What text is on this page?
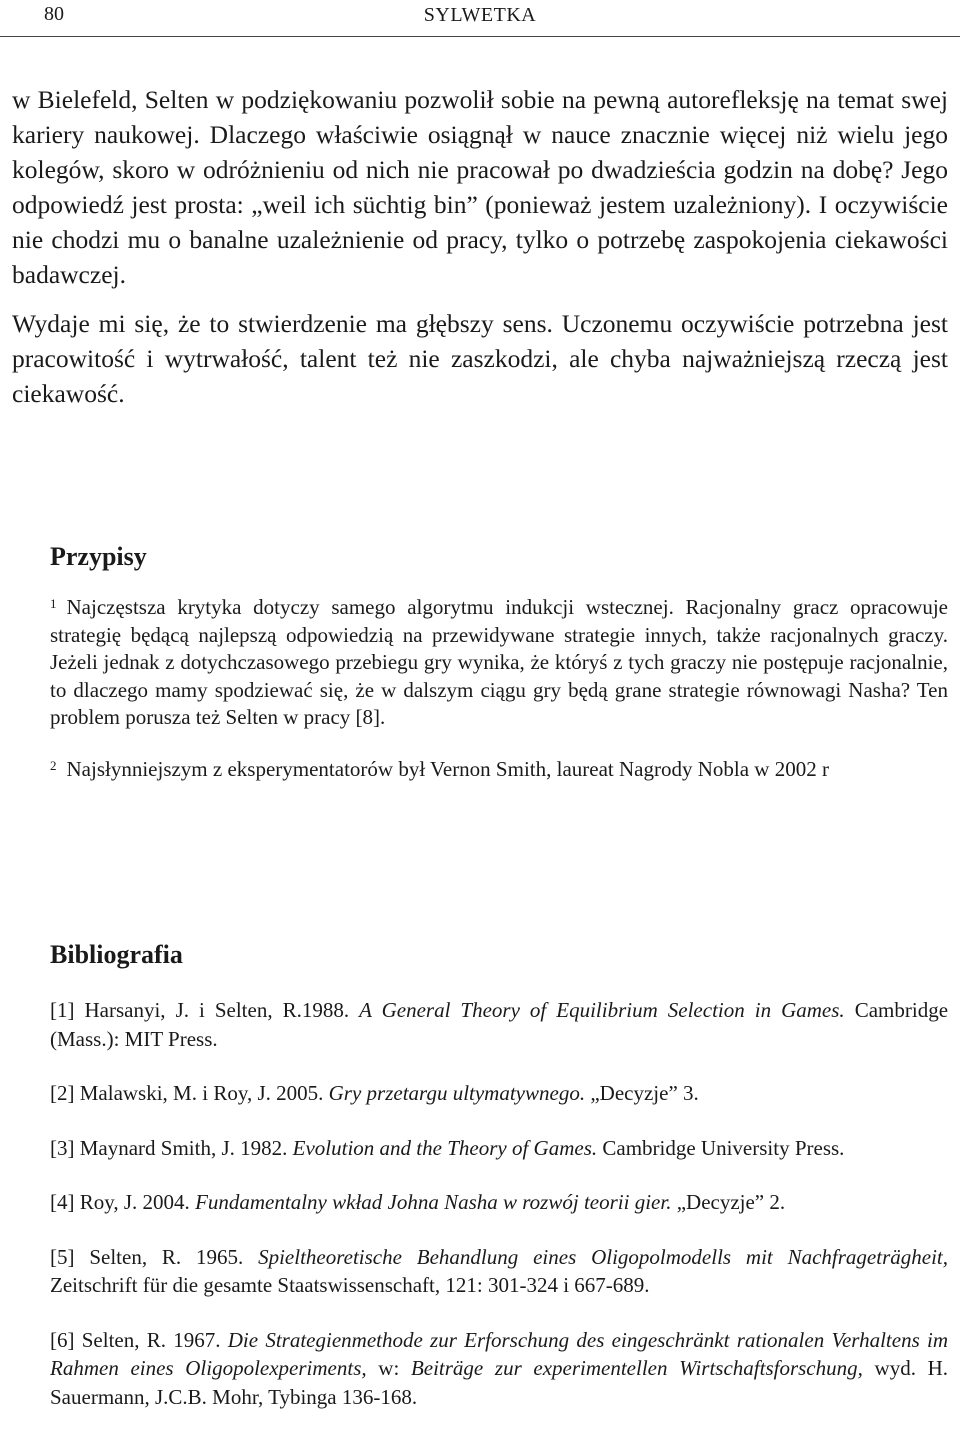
80	SYLWETKA

w Bielefeld, Selten w podziękowaniu pozwolił sobie na pewną autorefleksję na temat swej kariery naukowej. Dlaczego właściwie osiągnął w nauce znacznie więcej niż wielu jego kolegów, skoro w odróżnieniu od nich nie pracował po dwadzieścia godzin na dobę? Jego odpowiedź jest prosta: „weil ich süchtig bin” (ponieważ jestem uzależniony). I oczywiście nie chodzi mu o banalne uzależnienie od pracy, tylko o potrzebę zaspokojenia ciekawości badawczej.

Wydaje mi się, że to stwierdzenie ma głębszy sens. Uczonemu oczywiście potrzebna jest pracowitość i wytrwałość, talent też nie zaszkodzi, ale chyba najważniejszą rzeczą jest ciekawość.

Przypisy

$^1$ Najczęstsza krytyka dotyczy samego algorytmu indukcji wstecznej. Racjonalny gracz opracowuje strategię będącą najlepszą odpowiedzią na przewidywane strategie innych, także racjonalnych graczy. Jeżeli jednak z dotychczasowego przebiegu gry wynika, że któryś z tych graczy nie postępuje racjonalnie, to dlaczego mamy spodziewać się, że w dalszym ciągu gry będą grane strategie równowagi Nasha? Ten problem porusza też Selten w pracy [8].

$^2$ Najsłynniejszym z eksperymentatorów był Vernon Smith, laureat Nagrody Nobla w 2002 r

Bibliografia

[1] Harsanyi, J. i Selten, R.1988. A General Theory of Equilibrium Selection in Games. Cambridge (Mass.): MIT Press.

[2] Malawski, M. i Roy, J. 2005. Gry przetargu ultymatywnego. „Decyzje” 3.

[3] Maynard Smith, J. 1982. Evolution and the Theory of Games. Cambridge University Press.

[4] Roy, J. 2004. Fundamentalny wkład Johna Nasha w rozwój teorii gier. „Decyzje” 2.

[5] Selten, R. 1965. Spieltheoretische Behandlung eines Oligopolmodells mit Nachfrageträgheit, Zeitschrift für die gesamte Staatswissenschaft, 121: 301-324 i 667-689.

[6] Selten, R. 1967. Die Strategienmethode zur Erforschung des eingeschränkt rationalen Verhaltens im Rahmen eines Oligopolexperiments, w: Beiträge zur experimentellen Wirtschaftsforschung, wyd. H. Sauermann, J.C.B. Mohr, Tybinga 136-168.
